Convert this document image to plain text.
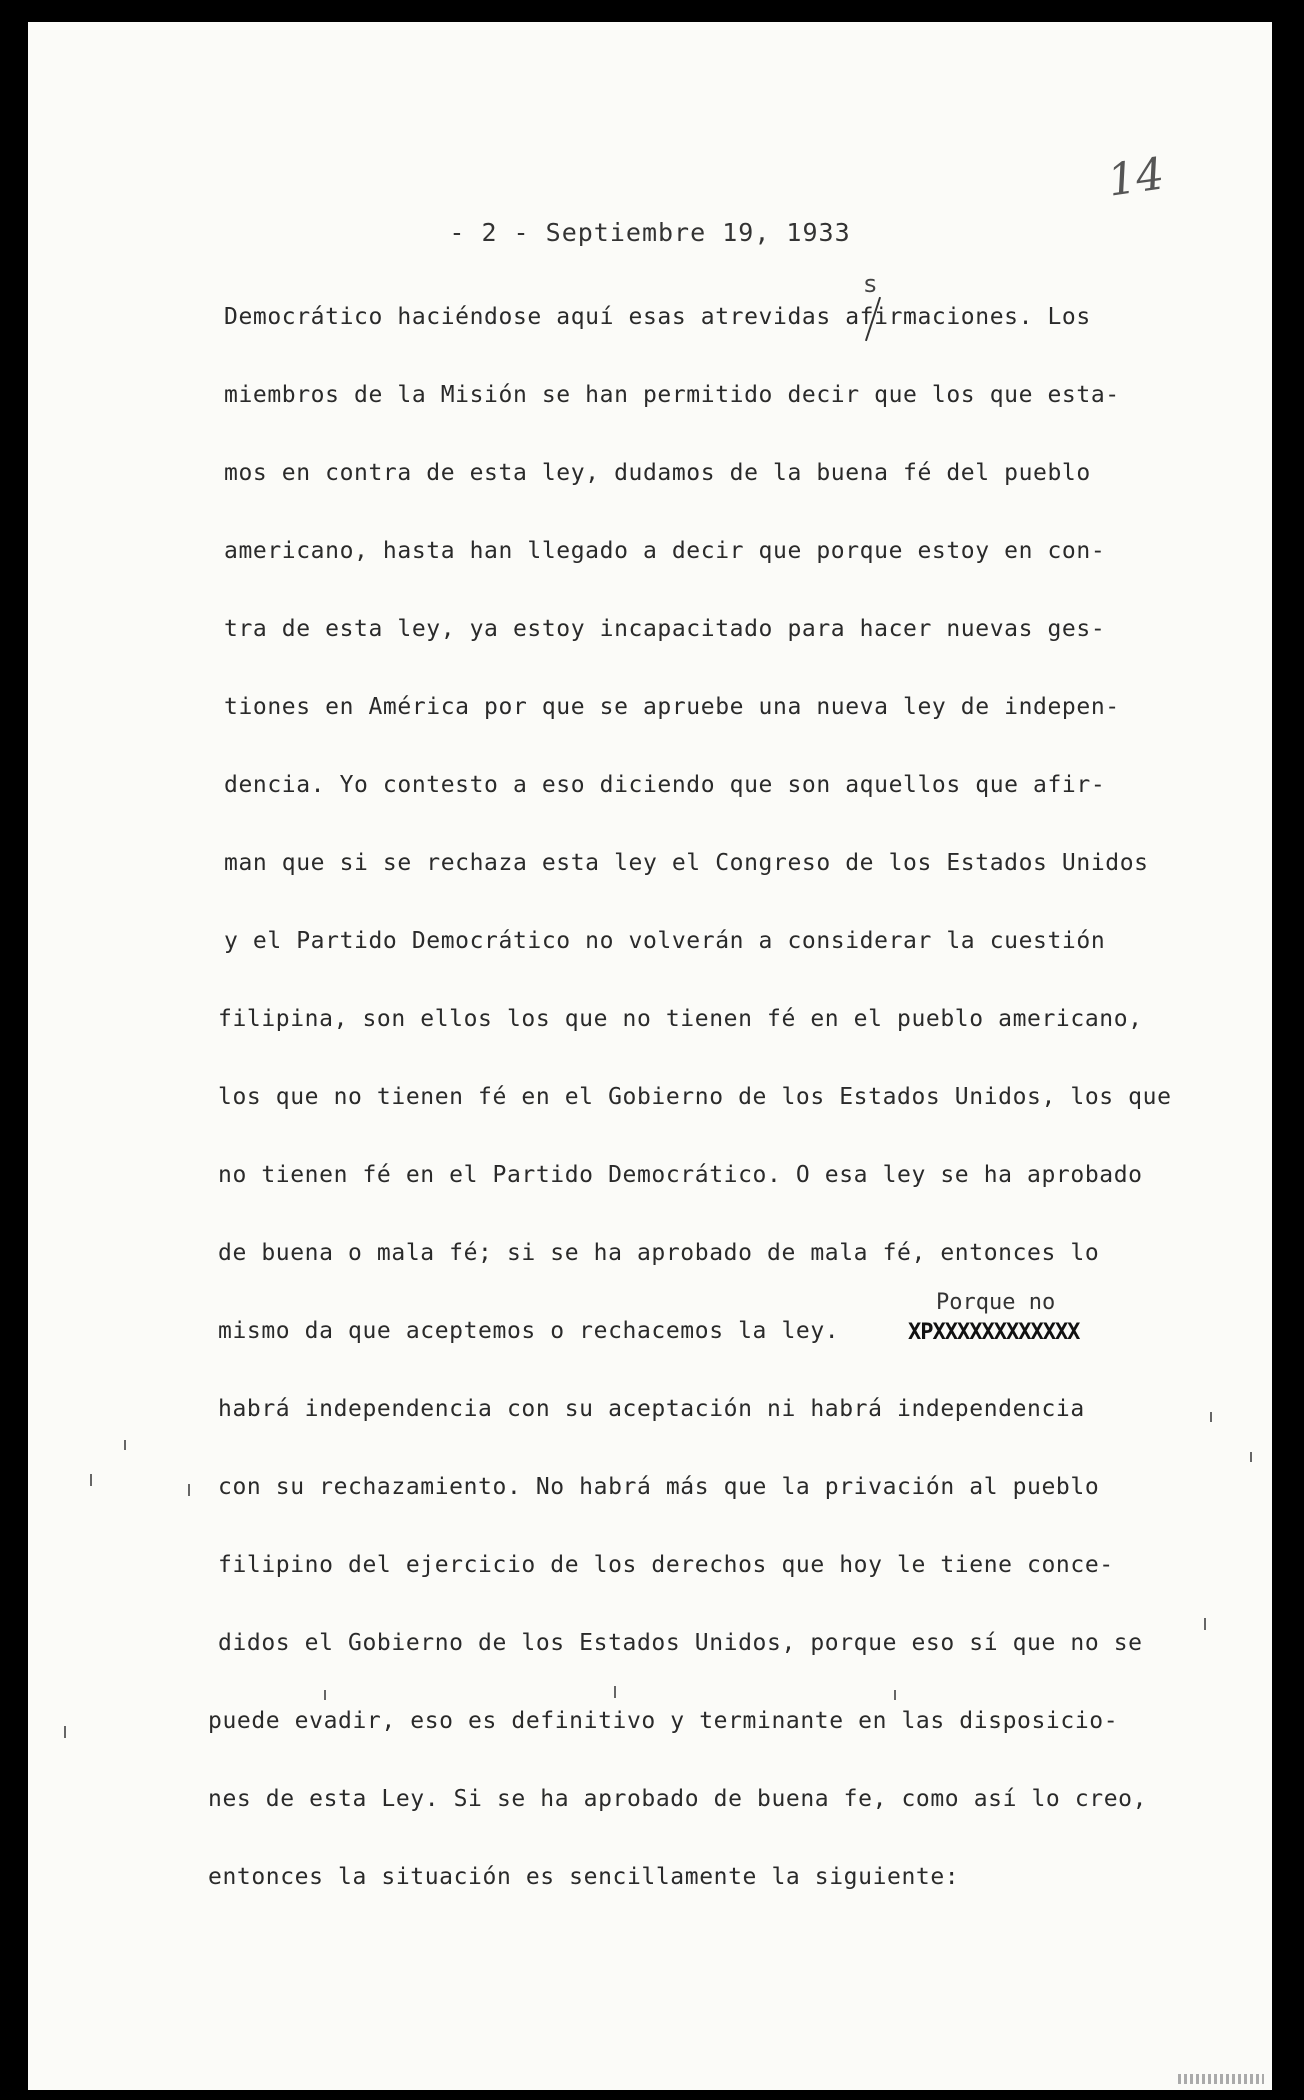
14
- 2 - Septiembre 19, 1933
s
Democrático haciéndose aquí esas atrevidas afirmaciones. Los
miembros de la Misión se han permitido decir que los que esta-
mos en contra de esta ley, dudamos de la buena fé del pueblo
americano, hasta han llegado a decir que porque estoy en con-
tra de esta ley, ya estoy incapacitado para hacer nuevas ges-
tiones en América por que se apruebe una nueva ley de indepen-
dencia. Yo contesto a eso diciendo que son aquellos que afir-
man que si se rechaza esta ley el Congreso de los Estados Unidos
y el Partido Democrático no volverán a considerar la cuestión
filipina, son ellos los que no tienen fé en el pueblo americano,
los que no tienen fé en el Gobierno de los Estados Unidos, los que
no tienen fé en el Partido Democrático. O esa ley se ha aprobado
de buena o mala fé; si se ha aprobado de mala fé, entonces lo
mismo da que aceptemos o rechacemos la ley.
Porque no
XPXXXXXXXXXXXX
habrá independencia con su aceptación ni habrá independencia
con su rechazamiento. No habrá más que la privación al pueblo
filipino del ejercicio de los derechos que hoy le tiene conce-
didos el Gobierno de los Estados Unidos, porque eso sí que no se
puede evadir, eso es definitivo y terminante en las disposicio-
nes de esta Ley. Si se ha aprobado de buena fe, como así lo creo,
entonces la situación es sencillamente la siguiente:
